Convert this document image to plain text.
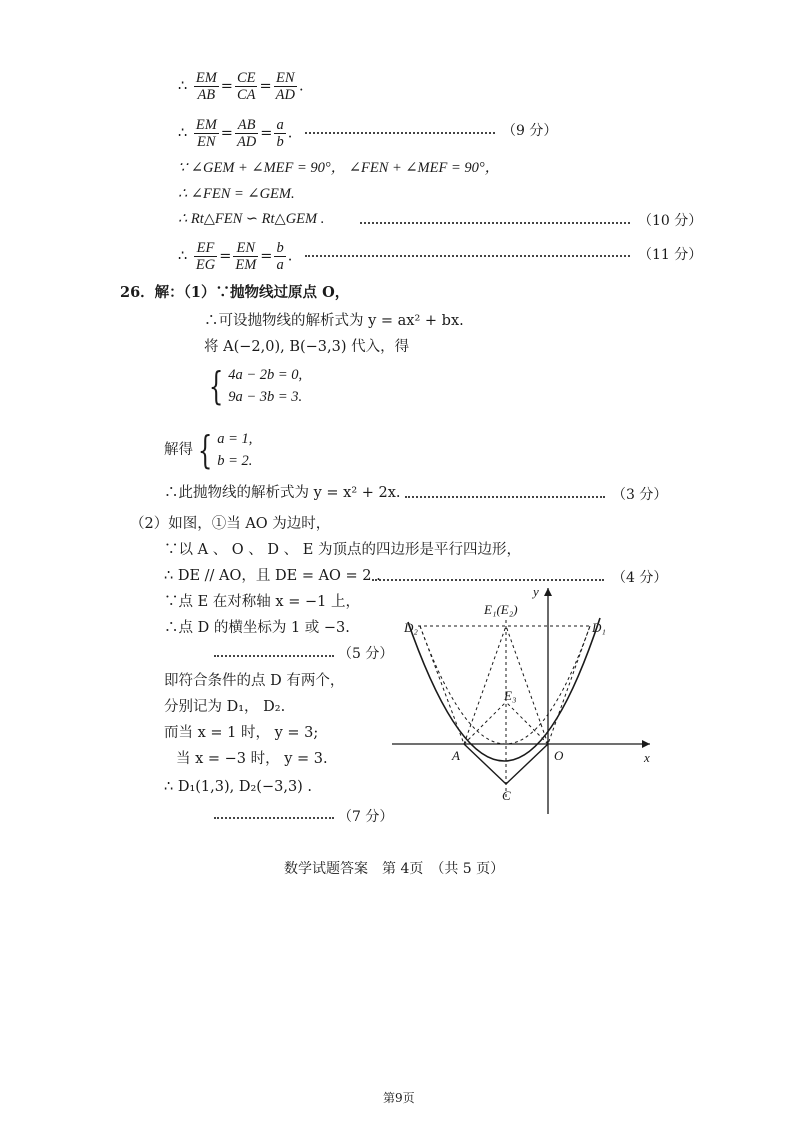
∴ $\frac{EM}{AB} = \frac{CE}{CA} = \frac{EN}{AD}$ .
∴ $\frac{EM}{EN} = \frac{AB}{AD} = \frac{a}{b}$ .	（9 分）
∵ ∠GEM + ∠MEF = 90°， ∠FEN + ∠MEF = 90°，
∴ ∠FEN = ∠GEM.
∴ Rt△FEN ∽ Rt△GEM .	（10 分）
∴ $\frac{EF}{EG} = \frac{EN}{EM} = \frac{b}{a}$ .	（11 分）
26．解：（1）∵抛物线过原点 O，
∴可设抛物线的解析式为 y = ax² + bx.
将 A(−2,0), B(−3,3) 代入，得
{ 4a − 2b = 0,
9a − 3b = 3.
解得 { a = 1,
b = 2.
∴此抛物线的解析式为 y = x² + 2x.	（3 分）
（2）如图，①当 AO 为边时，
∵以 A 、 O 、 D 、 E 为顶点的四边形是平行四边形，
∴ DE // AO，且 DE = AO = 2 .	（4 分）
∵点 E 在对称轴 x = −1 上，
∴点 D 的横坐标为 1 或 −3.
（5 分）
即符合条件的点 D 有两个，
分别记为 D₁， D₂.
而当 x = 1 时， y = 3;
当 x = −3 时， y = 3.
∴ D₁(1,3), D₂(−3,3) .
（7 分）
y
x
E₁(E₂)
D₂	D₁
E₃
A	O
C
数学试题答案　第 4页　（共 5 页）
第9页
